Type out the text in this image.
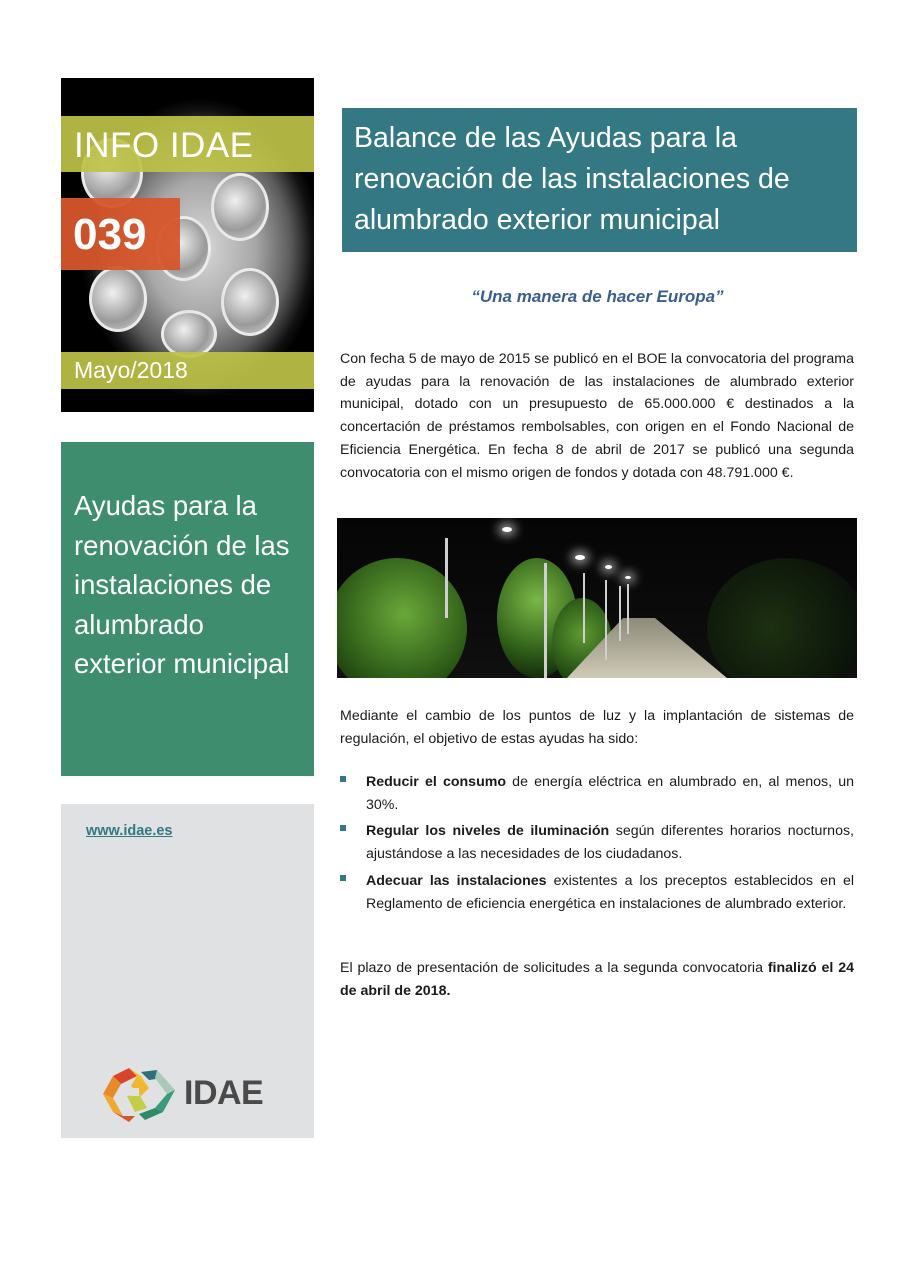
INFO IDAE
039
Mayo/2018
Balance de las Ayudas para la renovación de las instalaciones de alumbrado exterior municipal
“Una manera de hacer Europa”

Con fecha 5 de mayo de 2015 se publicó en el BOE la convocatoria del programa de ayudas para la renovación de las instalaciones de alumbrado exterior municipal, dotado con un presupuesto de 65.000.000 € destinados a la concertación de préstamos rembolsables, con origen en el Fondo Nacional de Eficiencia Energética. En fecha 8 de abril de 2017 se publicó una segunda convocatoria con el mismo origen de fondos y dotada con 48.791.000 €.

Mediante el cambio de los puntos de luz y la implantación de sistemas de regulación, el objetivo de estas ayudas ha sido:

Reducir el consumo de energía eléctrica en alumbrado en, al menos, un 30%.
Regular los niveles de iluminación según diferentes horarios nocturnos, ajustándose a las necesidades de los ciudadanos.
Adecuar las instalaciones existentes a los preceptos establecidos en el Reglamento de eficiencia energética en instalaciones de alumbrado exterior.

El plazo de presentación de solicitudes a la segunda convocatoria finalizó el 24 de abril de 2018.

Ayudas para la renovación de las instalaciones de alumbrado exterior municipal

www.idae.es
IDAE
